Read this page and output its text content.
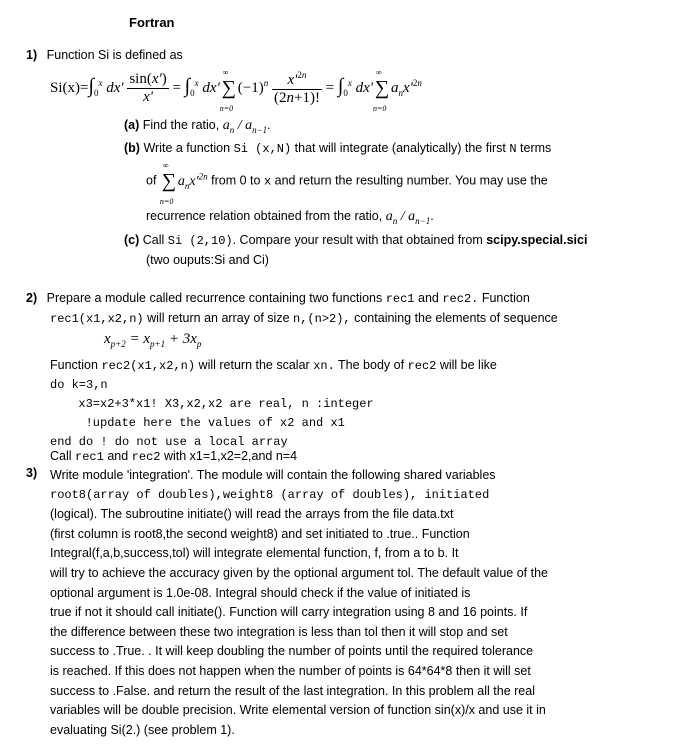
Fortran
1) Function Si is defined as
$Si(x)=\int_0^x$ $dx' \frac{\sin(x')}{x'} = \int_0^x$ dx'
∞
∑
n=0
$(-1)^n \frac{x'^{2n}}{(2n+1)!} = \int_0^x$ dx'
∞
∑
n=0
$a_nx'^{2n}$
(a) Find the ratio, $a_n / a_{n-1}$.
(b) Write a function Si (x,N) that will integrate (analytically) the first N terms
of
∞
∑
n=0
$a_nx'^{2n}$ from 0 to x and return the resulting number. You may use the
recurrence relation obtained from the ratio, $a_n / a_{n-1}$.
(c) Call Si (2,10). Compare your result with that obtained from scipy.special.sici
(two ouputs:Si and Ci)
2) Prepare a module called recurrence containing two functions rec1 and rec2. Function
rec1(x1,x2,n) will return an array of size n,(n>2), containing the elements of sequence
$x_{p+2} = x_{p+1} + 3x_p$
Function rec2(x1,x2,n) will return the scalar xn. The body of rec2 will be like
do k=3,n
x3=x2+3*x1! X3,x2,x2 are real, n :integer
!update here the values of x2 and x1
end do ! do not use a local array
Call rec1 and rec2 with x1=1,x2=2,and n=4
3) Write module 'integration'. The module will contain the following shared variables
root8(array of doubles),weight8 (array of doubles), initiated
(logical). The subroutine initiate() will read the arrays from the file data.txt
(first column is root8,the second weight8) and set initiated to .true.. Function
Integral(f,a,b,success,tol) will integrate elemental function, f, from a to b. It
will try to achieve the accuracy given by the optional argument tol. The default value of the
optional argument is 1.0e-08. Integral should check if the value of initiated is
true if not it should call initiate(). Function will carry integration using 8 and 16 points. If
the difference between these two integration is less than tol then it will stop and set
success to .True. . It will keep doubling the number of points until the required tolerance
is reached. If this does not happen when the number of points is 64*64*8 then it will set
success to .False. and return the result of the last integration. In this problem all the real
variables will be double precision. Write elemental version of function sin(x)/x and use it in
evaluating Si(2.) (see problem 1).
